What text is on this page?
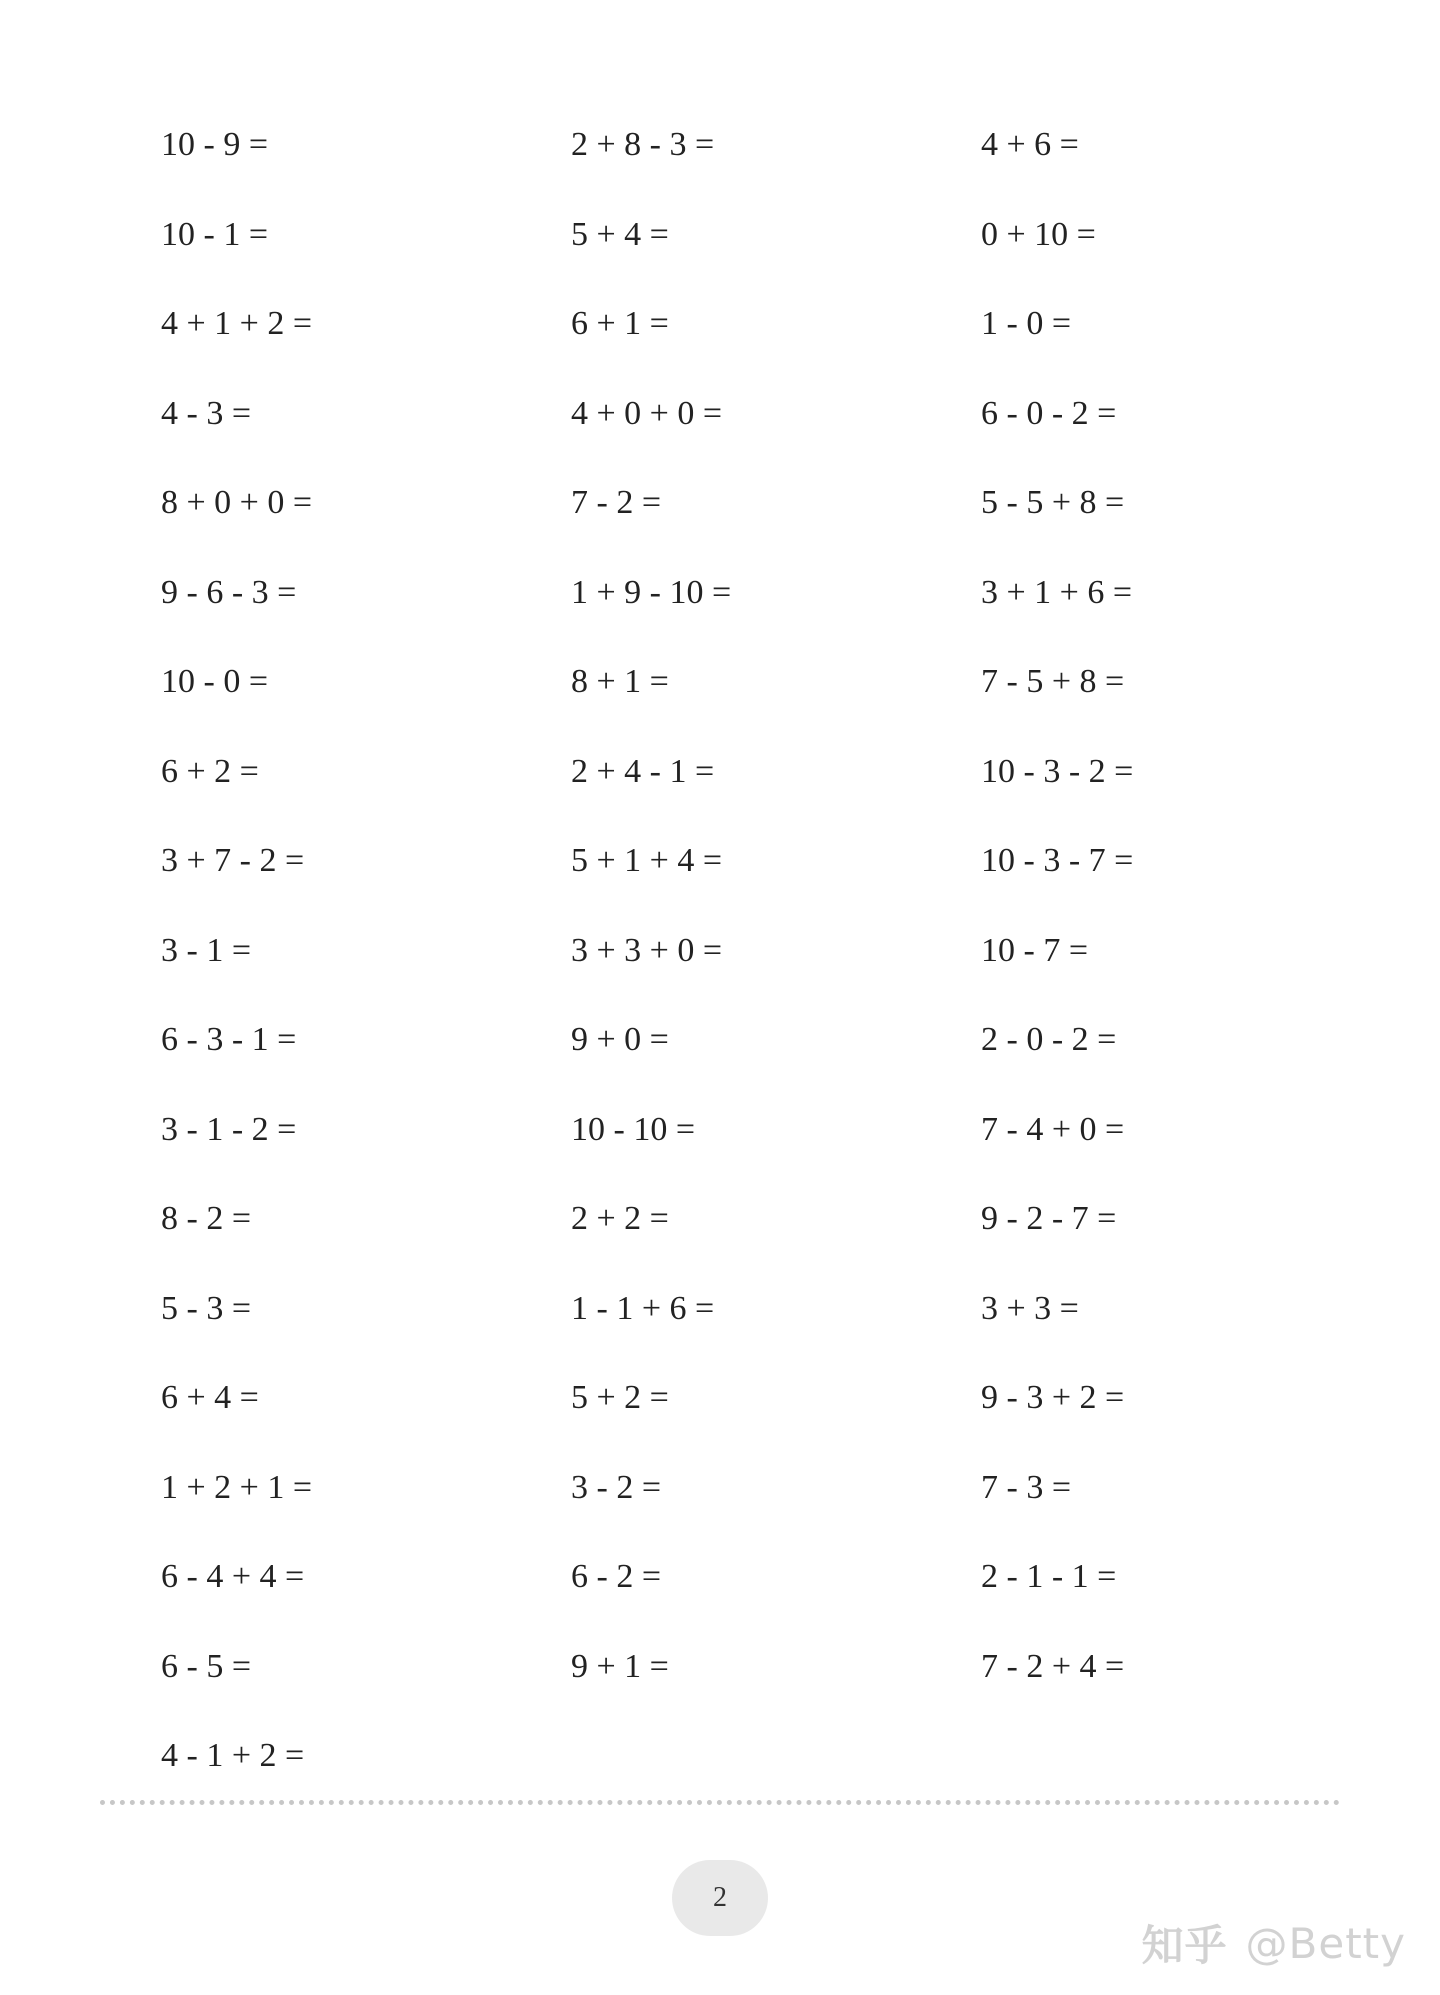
10 - 9 =
10 - 1 =
4 + 1 + 2 =
4 - 3 =
8 + 0 + 0 =
9 - 6 - 3 =
10 - 0 =
6 + 2 =
3 + 7 - 2 =
3 - 1 =
6 - 3 - 1 =
3 - 1 - 2 =
8 - 2 =
5 - 3 =
6 + 4 =
1 + 2 + 1 =
6 - 4 + 4 =
6 - 5 =
4 - 1 + 2 =
2 + 8 - 3 =
5 + 4 =
6 + 1 =
4 + 0 + 0 =
7 - 2 =
1 + 9 - 10 =
8 + 1 =
2 + 4 - 1 =
5 + 1 + 4 =
3 + 3 + 0 =
9 + 0 =
10 - 10 =
2 + 2 =
1 - 1 + 6 =
5 + 2 =
3 - 2 =
6 - 2 =
9 + 1 =
4 + 6 =
0 + 10 =
1 - 0 =
6 - 0 - 2 =
5 - 5 + 8 =
3 + 1 + 6 =
7 - 5 + 8 =
10 - 3 - 2 =
10 - 3 - 7 =
10 - 7 =
2 - 0 - 2 =
7 - 4 + 0 =
9 - 2 - 7 =
3 + 3 =
9 - 3 + 2 =
7 - 3 =
2 - 1 - 1 =
7 - 2 + 4 =
2
知乎 @Betty
